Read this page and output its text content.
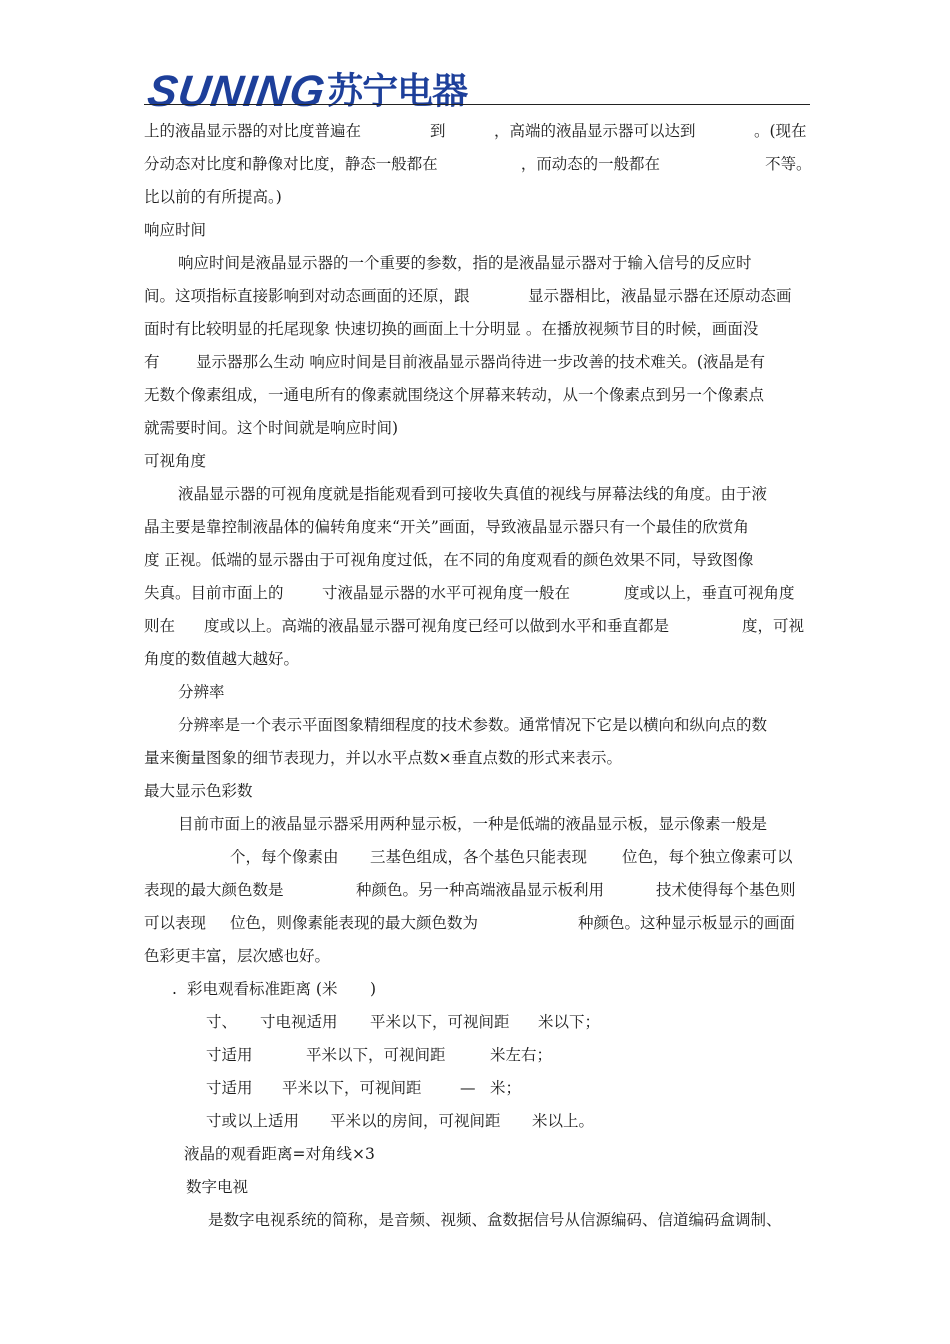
SUNING
苏宁电器

上的液晶显示器的对比度普遍在

	到

	，高端的液晶显示器可以达到

	。(现在

分动态对比度和静像对比度，静态一般都在

	，而动态的一般都在

	不等。

比以前的有所提高。)

响应时间

响应时间是液晶显示器的一个重要的参数，指的是液晶显示器对于输入信号的反应时

间。这项指标直接影响到对动态画面的还原，跟

	显示器相比，液晶显示器在还原动态画

面时有比较明显的托尾现象 快速切换的画面上十分明显 。在播放视频节目的时候，画面没

有

显示器那么生动 响应时间是目前液晶显示器尚待进一步改善的技术难关。(液晶是有

无数个像素组成，一通电所有的像素就围绕这个屏幕来转动，从一个像素点到另一个像素点

就需要时间。这个时间就是响应时间)

可视角度

液晶显示器的可视角度就是指能观看到可接收失真值的视线与屏幕法线的角度。由于液

晶主要是靠控制液晶体的偏转角度来“开关”画面，导致液晶显示器只有一个最佳的欣赏角

度 正视。低端的显示器由于可视角度过低，在不同的角度观看的颜色效果不同，导致图像

失真。目前市面上的

寸液晶显示器的水平可视角度一般在

	度或以上，垂直可视角度

则在

度或以上。高端的液晶显示器可视角度已经可以做到水平和垂直都是

	度，可视

角度的数值越大越好。

分辨率

分辨率是一个表示平面图象精细程度的技术参数。通常情况下它是以横向和纵向点的数

量来衡量图象的细节表现力，并以水平点数×垂直点数的形式来表示。

最大显示色彩数

目前市面上的液晶显示器采用两种显示板，一种是低端的液晶显示板，显示像素一般是

个，每个像素由

三基色组成，各个基色只能表现

位色，每个独立像素可以

表现的最大颜色数是

	种颜色。另一种高端液晶显示板利用

	技术使得每个基色则

可以表现

位色，则像素能表现的最大颜色数为

	种颜色。这种显示板显示的画面

色彩更丰富，层次感也好。

.

彩电观看标准距离 (米

)

寸、

寸电视适用

平米以下，可视间距

米以下；

寸适用

	平米以下，可视间距

	米左右；

寸适用

平米以下，可视间距

—

米；

寸或以上适用

平米以的房间，可视间距

米以上。

液晶的观看距离=对角线×3

数字电视

是数字电视系统的简称，是音频、视频、盒数据信号从信源编码、信道编码盒调制、
